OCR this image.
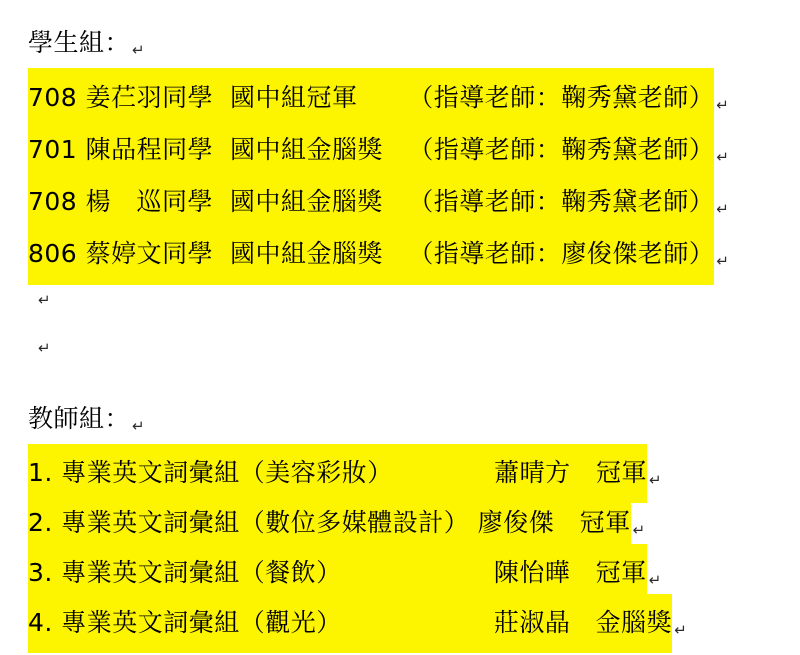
學生組： ↵
708 姜芢羽同學  國中組冠軍      （指導老師：鞠秀黛老師） ↵
701 陳品程同學  國中組金腦獎   （指導老師：鞠秀黛老師） ↵
708 楊   巡同學  國中組金腦獎   （指導老師：鞠秀黛老師） ↵
806 蔡婷文同學  國中組金腦獎   （指導老師：廖俊傑老師） ↵
↵
↵
教師組： ↵
1. 專業英文詞彙組（美容彩妝）            蕭晴方   冠軍 ↵
2. 專業英文詞彙組（數位多媒體設計） 廖俊傑   冠軍 ↵
3. 專業英文詞彙組（餐飲）                  陳怡曄   冠軍 ↵
4. 專業英文詞彙組（觀光）                  莊淑晶   金腦獎 ↵
